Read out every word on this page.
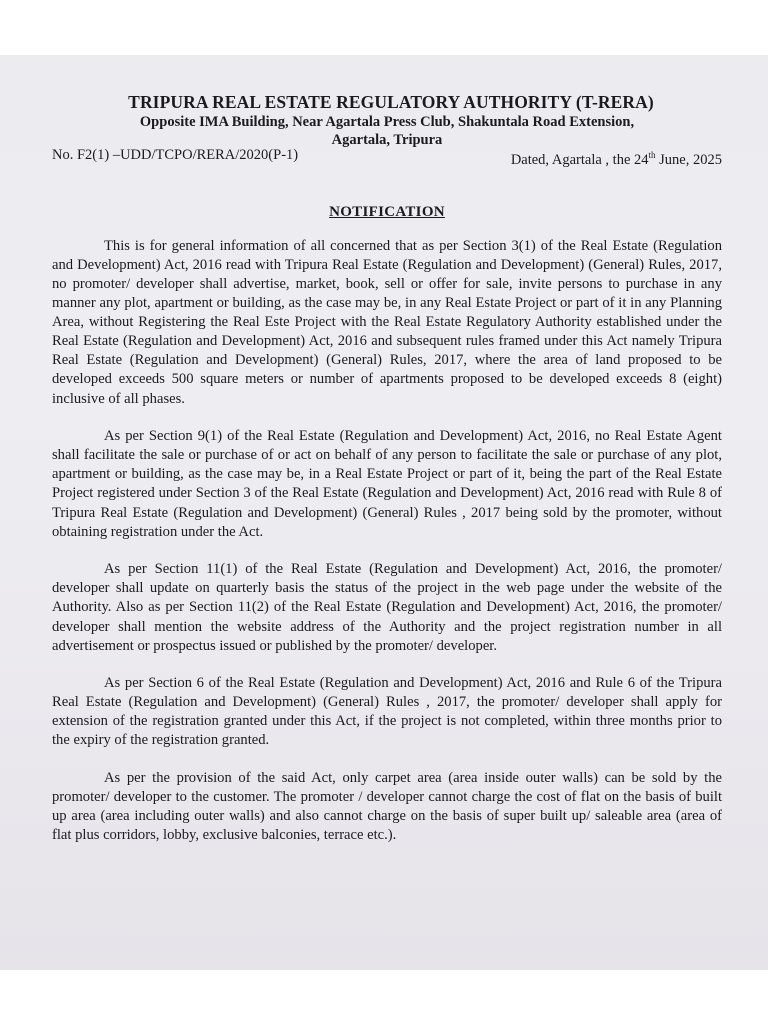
TRIPURA REAL ESTATE REGULATORY AUTHORITY (T-RERA)

Opposite IMA Building, Near Agartala Press Club, Shakuntala Road Extension,
Agartala, Tripura

No. F2(1) –UDD/TCPO/RERA/2020(P-1)	Dated, Agartala , the 24th June, 2025
NOTIFICATION

This is for general information of all concerned that as per Section 3(1) of the Real Estate (Regulation and Development) Act, 2016 read with Tripura Real Estate (Regulation and Development) (General) Rules, 2017, no promoter/ developer shall advertise, market, book, sell or offer for sale, invite persons to purchase in any manner any plot, apartment or building, as the case may be, in any Real Estate Project or part of it in any Planning Area, without Registering the Real Este Project with the Real Estate Regulatory Authority established under the Real Estate (Regulation and Development) Act, 2016 and subsequent rules framed under this Act namely Tripura Real Estate (Regulation and Development) (General) Rules, 2017, where the area of land proposed to be developed exceeds 500 square meters or number of apartments proposed to be developed exceeds 8 (eight) inclusive of all phases.

As per Section 9(1) of the Real Estate (Regulation and Development) Act, 2016, no Real Estate Agent shall facilitate the sale or purchase of or act on behalf of any person to facilitate the sale or purchase of any plot, apartment or building, as the case may be, in a Real Estate Project or part of it, being the part of the Real Estate Project registered under Section 3 of the Real Estate (Regulation and Development) Act, 2016 read with Rule 8 of Tripura Real Estate (Regulation and Development) (General) Rules , 2017 being sold by the promoter, without obtaining registration under the Act.

As per Section 11(1) of the Real Estate (Regulation and Development) Act, 2016, the promoter/ developer shall update on quarterly basis the status of the project in the web page under the website of the Authority. Also as per Section 11(2) of the Real Estate (Regulation and Development) Act, 2016, the promoter/ developer shall mention the website address of the Authority and the project registration number in all advertisement or prospectus issued or published by the promoter/ developer.

As per Section 6 of the Real Estate (Regulation and Development) Act, 2016 and Rule 6 of the Tripura Real Estate (Regulation and Development) (General) Rules , 2017, the promoter/ developer shall apply for extension of the registration granted under this Act, if the project is not completed, within three months prior to the expiry of the registration granted.

As per the provision of the said Act, only carpet area (area inside outer walls) can be sold by the promoter/ developer to the customer. The promoter / developer cannot charge the cost of flat on the basis of built up area (area including outer walls) and also cannot charge on the basis of super built up/ saleable area (area of flat plus corridors, lobby, exclusive balconies, terrace etc.).
